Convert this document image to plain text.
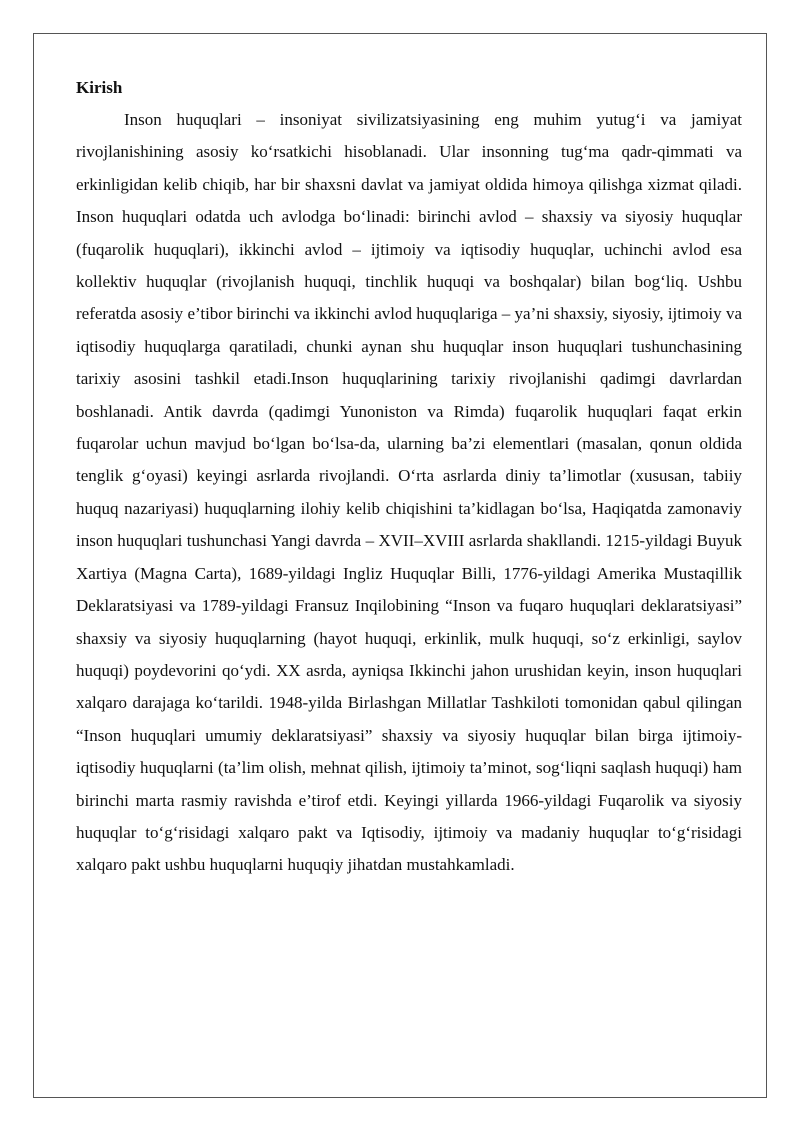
Kirish

Inson huquqlari – insoniyat sivilizatsiyasining eng muhim yutug‘i va jamiyat rivojlanishining asosiy ko‘rsatkichi hisoblanadi. Ular insonning tug‘ma qadr-qimmati va erkinligidan kelib chiqib, har bir shaxsni davlat va jamiyat oldida himoya qilishga xizmat qiladi. Inson huquqlari odatda uch avlodga bo‘linadi: birinchi avlod – shaxsiy va siyosiy huquqlar (fuqarolik huquqlari), ikkinchi avlod – ijtimoiy va iqtisodiy huquqlar, uchinchi avlod esa kollektiv huquqlar (rivojlanish huquqi, tinchlik huquqi va boshqalar) bilan bog‘liq. Ushbu referatda asosiy e’tibor birinchi va ikkinchi avlod huquqlariga – ya’ni shaxsiy, siyosiy, ijtimoiy va iqtisodiy huquqlarga qaratiladi, chunki aynan shu huquqlar inson huquqlari tushunchasining tarixiy asosini tashkil etadi.Inson huquqlarining tarixiy rivojlanishi qadimgi davrlardan boshlanadi. Antik davrda (qadimgi Yunoniston va Rimda) fuqarolik huquqlari faqat erkin fuqarolar uchun mavjud bo‘lgan bo‘lsa-da, ularning ba’zi elementlari (masalan, qonun oldida tenglik g‘oyasi) keyingi asrlarda rivojlandi. O‘rta asrlarda diniy ta’limotlar (xususan, tabiiy huquq nazariyasi) huquqlarning ilohiy kelib chiqishini ta’kidlagan bo‘lsa, Haqiqatda zamonaviy inson huquqlari tushunchasi Yangi davrda – XVII–XVIII asrlarda shakllandi. 1215-yildagi Buyuk Xartiya (Magna Carta), 1689-yildagi Ingliz Huquqlar Billi, 1776-yildagi Amerika Mustaqillik Deklaratsiyasi va 1789-yildagi Fransuz Inqilobining “Inson va fuqaro huquqlari deklaratsiyasi” shaxsiy va siyosiy huquqlarning (hayot huquqi, erkinlik, mulk huquqi, so‘z erkinligi, saylov huquqi) poydevorini qo‘ydi. XX asrda, ayniqsa Ikkinchi jahon urushidan keyin, inson huquqlari xalqaro darajaga ko‘tarildi. 1948-yilda Birlashgan Millatlar Tashkiloti tomonidan qabul qilingan “Inson huquqlari umumiy deklaratsiyasi” shaxsiy va siyosiy huquqlar bilan birga ijtimoiy-iqtisodiy huquqlarni (ta’lim olish, mehnat qilish, ijtimoiy ta’minot, sog‘liqni saqlash huquqi) ham birinchi marta rasmiy ravishda e’tirof etdi. Keyingi yillarda 1966-yildagi Fuqarolik va siyosiy huquqlar to‘g‘risidagi xalqaro pakt va Iqtisodiy, ijtimoiy va madaniy huquqlar to‘g‘risidagi xalqaro pakt ushbu huquqlarni huquqiy jihatdan mustahkamladi.
